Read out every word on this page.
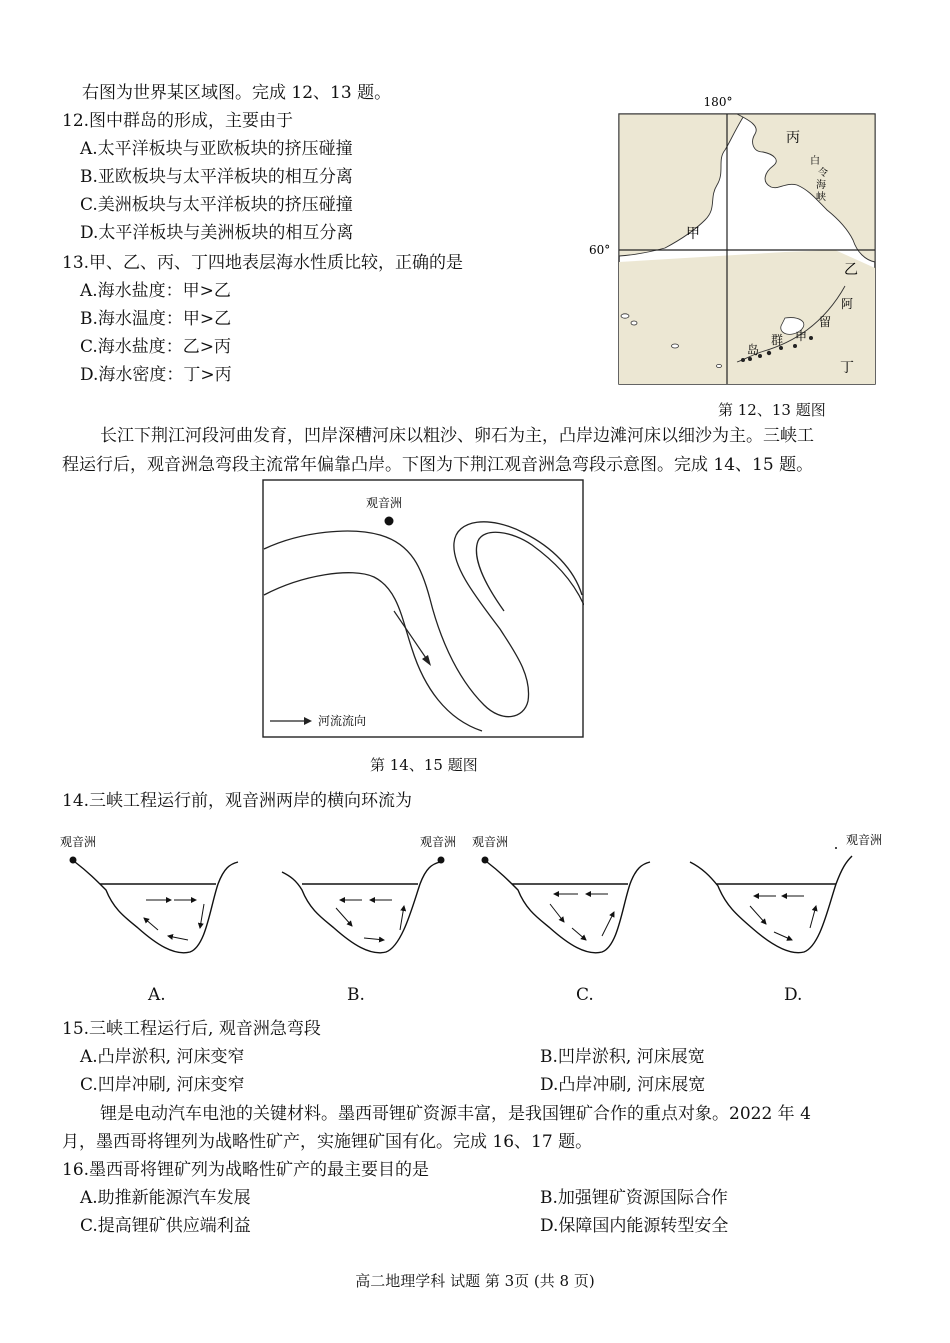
右图为世界某区域图。完成 12、13 题。
12.图中群岛的形成，主要由于
A.太平洋板块与亚欧板块的挤压碰撞
B.亚欧板块与太平洋板块的相互分离
C.美洲板块与太平洋板块的挤压碰撞
D.太平洋板块与美洲板块的相互分离
13.甲、乙、丙、丁四地表层海水性质比较，正确的是
A.海水盐度：甲>乙
B.海水温度：甲>乙
C.海水盐度：乙>丙
D.海水密度：丁>丙
180°
60°
丙
甲
乙
丁
白
令
海
峡
阿
留
申
群
岛
第 12、13 题图
长江下荆江河段河曲发育，凹岸深槽河床以粗沙、卵石为主，凸岸边滩河床以细沙为主。三峡工
程运行后，观音洲急弯段主流常年偏靠凸岸。下图为下荆江观音洲急弯段示意图。完成 14、15 题。
观音洲
河流流向
第 14、15 题图
14.三峡工程运行前，观音洲两岸的横向环流为
观音洲	观音洲 观音洲	观音洲
A.	B.	C.	D.
15.三峡工程运行后, 观音洲急弯段
A.凸岸淤积, 河床变窄	B.凹岸淤积, 河床展宽
C.凹岸冲刷, 河床变窄	D.凸岸冲刷, 河床展宽
锂是电动汽车电池的关键材料。墨西哥锂矿资源丰富，是我国锂矿合作的重点对象。2022 年 4
月，墨西哥将锂列为战略性矿产，实施锂矿国有化。完成 16、17 题。
16.墨西哥将锂矿列为战略性矿产的最主要目的是
A.助推新能源汽车发展	B.加强锂矿资源国际合作
C.提高锂矿供应端利益	D.保障国内能源转型安全
高二地理学科 试题 第 3页 (共 8 页)
